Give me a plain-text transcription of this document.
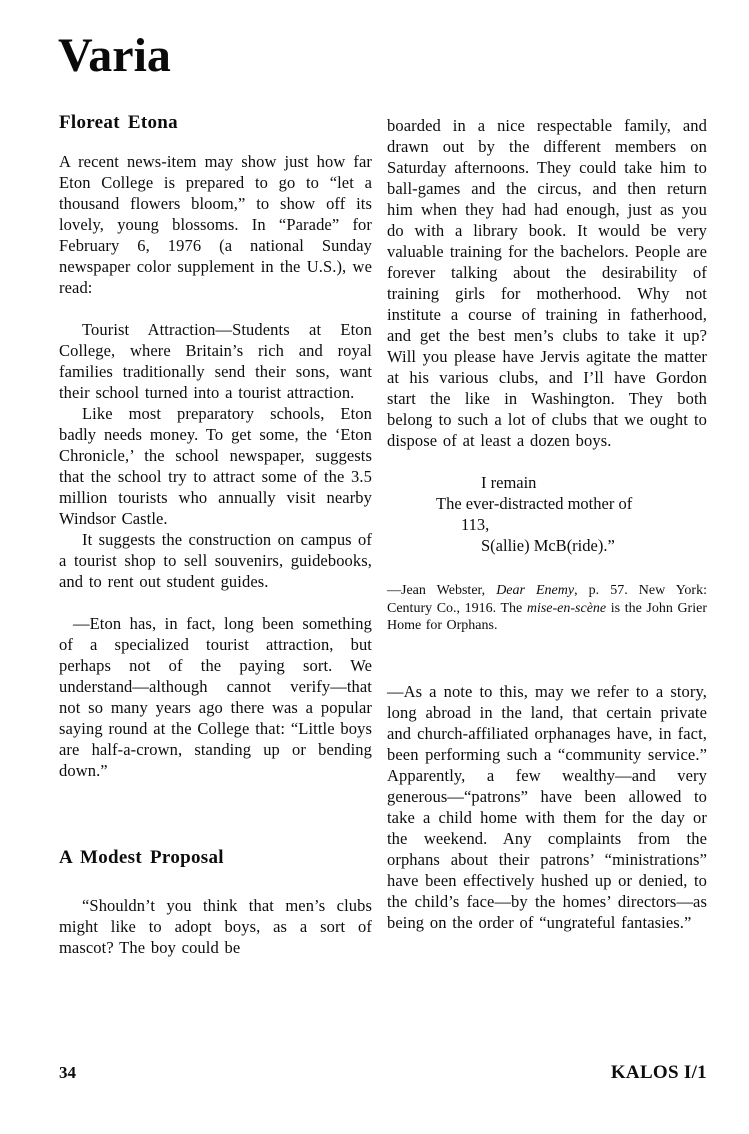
Varia
Floreat Etona

A recent news-item may show just how far Eton College is prepared to go to “let a thousand flowers bloom,” to show off its lovely, young blossoms. In “Parade” for February 6, 1976 (a national Sunday newspaper color supplement in the U.S.), we read:

Tourist Attraction—Students at Eton College, where Britain’s rich and royal families traditionally send their sons, want their school turned into a tourist attraction.

Like most preparatory schools, Eton badly needs money. To get some, the ‘Eton Chronicle,’ the school newspaper, suggests that the school try to attract some of the 3.5 million tourists who annually visit nearby Windsor Castle.

It suggests the construction on campus of a tourist shop to sell souvenirs, guidebooks, and to rent out student guides.

—Eton has, in fact, long been something of a specialized tourist attraction, but perhaps not of the paying sort. We understand—although cannot verify—that not so many years ago there was a popular saying round at the College that: “Little boys are half-a-crown, standing up or bending down.”

A Modest Proposal

“Shouldn’t you think that men’s clubs might like to adopt boys, as a sort of mascot? The boy could be

boarded in a nice respectable family, and drawn out by the different members on Saturday afternoons. They could take him to ball-games and the circus, and then return him when they had had enough, just as you do with a library book. It would be very valuable training for the bachelors. People are forever talking about the desirability of training girls for motherhood. Why not institute a course of training in fatherhood, and get the best men’s clubs to take it up? Will you please have Jervis agitate the matter at his various clubs, and I’ll have Gordon start the like in Washington. They both belong to such a lot of clubs that we ought to dispose of at least a dozen boys.

I remain
The ever-distracted mother of
113,
S(allie) McB(ride).”

—Jean Webster, Dear Enemy, p. 57. New York: Century Co., 1916. The mise-en-scène is the John Grier Home for Orphans.

—As a note to this, may we refer to a story, long abroad in the land, that certain private and church-affiliated orphanages have, in fact, been performing such a “community service.” Apparently, a few wealthy—and very generous—“patrons” have been allowed to take a child home with them for the day or the weekend. Any complaints from the orphans about their patrons’ “ministrations” have been effectively hushed up or denied, to the child’s face—by the homes’ directors—as being on the order of “ungrateful fantasies.”

34	KALOS I/1
